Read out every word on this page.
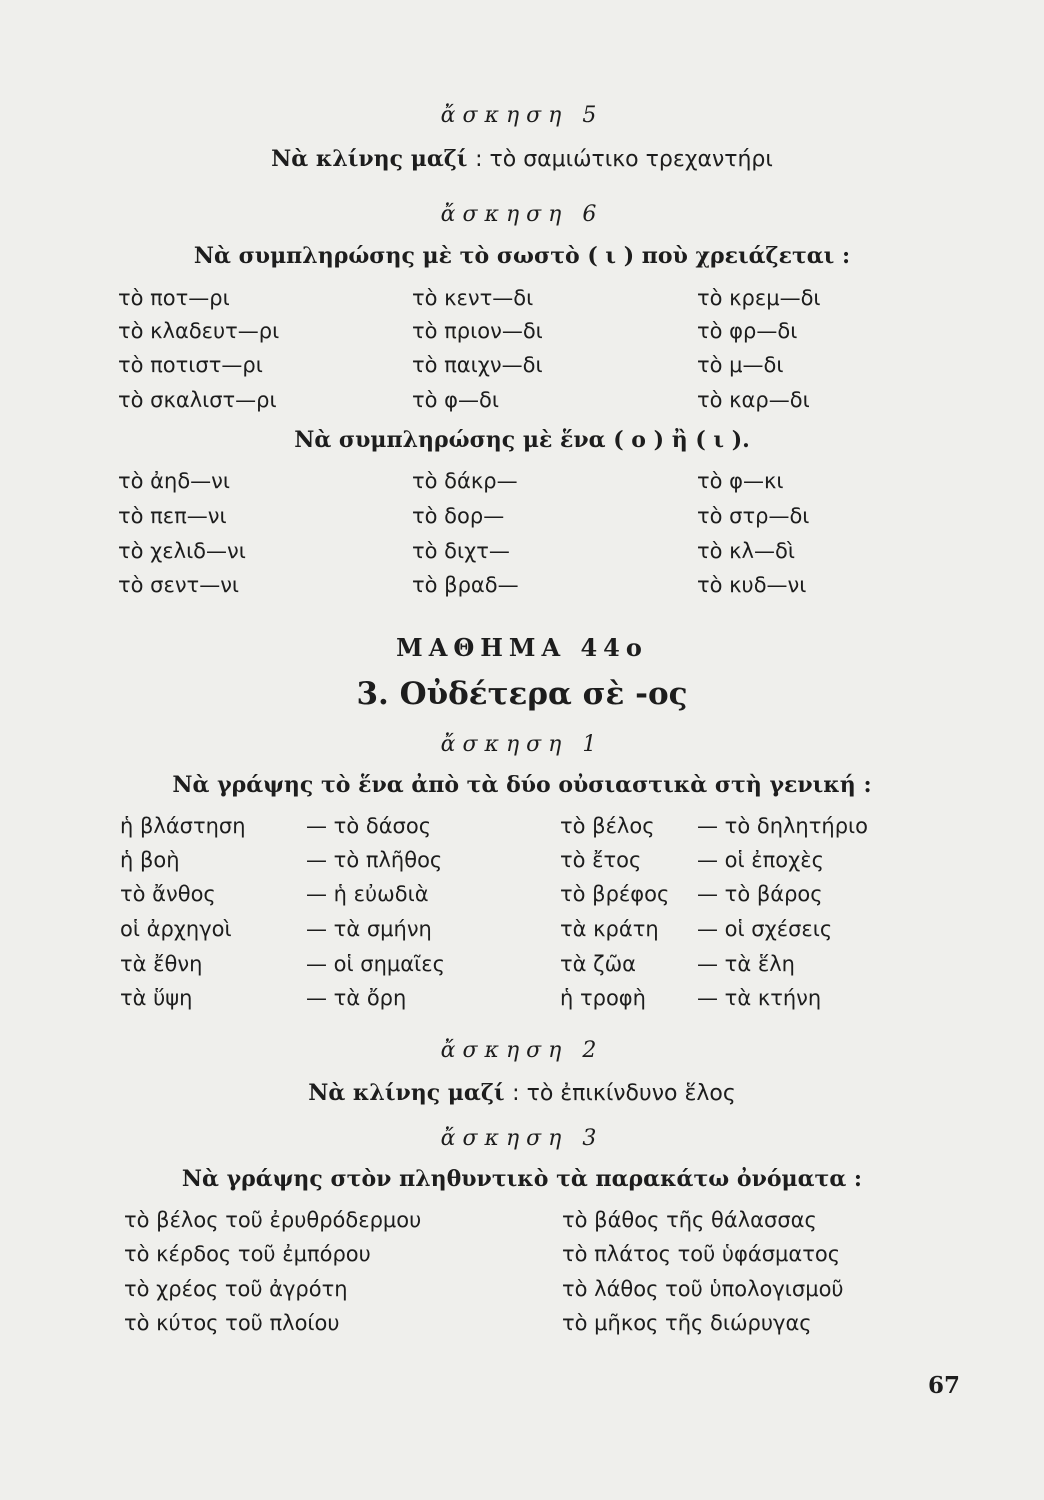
ἄσκηση 5
Νὰ κλίνης μαζί : τὸ σαμιώτικο τρεχαντήρι
ἄσκηση 6
Νὰ συμπληρώσης μὲ τὸ σωστὸ ( ι ) ποὺ χρειάζεται :
τὸ ποτ—ρι	τὸ κεντ—δι	τὸ κρεμ—δι
τὸ κλαδευτ—ρι	τὸ πριον—δι	τὸ φρ—δι
τὸ ποτιστ—ρι	τὸ παιχν—δι	τὸ μ—δι
τὸ σκαλιστ—ρι	τὸ φ—δι	τὸ καρ—δι
Νὰ συμπληρώσης μὲ ἕνα ( ο ) ἢ ( ι ).
τὸ ἀηδ—νι	τὸ δάκρ—	τὸ φ—κι
τὸ πεπ—νι	τὸ δορ—	τὸ στρ—δι
τὸ χελιδ—νι	τὸ διχτ—	τὸ κλ—δὶ
τὸ σεντ—νι	τὸ βραδ—	τὸ κυδ—νι
ΜΑΘΗΜΑ 44ο
3. Οὐδέτερα σὲ -ος
ἄσκηση 1
Νὰ γράψης τὸ ἕνα ἀπὸ τὰ δύο οὐσιαστικὰ στὴ γενική :
ἡ βλάστηση	— τὸ δάσος	τὸ βέλος — τὸ δηλητήριο
ἡ βοὴ	— τὸ πλῆθος	τὸ ἔτος	— οἱ ἐποχὲς
τὸ ἄνθος	— ἡ εὐωδιὰ	τὸ βρέφος — τὸ βάρος
οἱ ἀρχηγοὶ	— τὰ σμήνη	τὰ κράτη — οἱ σχέσεις
τὰ ἔθνη	— οἱ σημαῖες	τὰ ζῶα	— τὰ ἕλη
τὰ ὕψη	— τὰ ὄρη	ἡ τροφὴ — τὰ κτήνη
ἄσκηση 2
Νὰ κλίνης μαζί : τὸ ἐπικίνδυνο ἕλος
ἄσκηση 3
Νὰ γράψης στὸν πληθυντικὸ τὰ παρακάτω ὀνόματα :
τὸ βέλος τοῦ ἐρυθρόδερμου	τὸ βάθος τῆς θάλασσας
τὸ κέρδος τοῦ ἐμπόρου	τὸ πλάτος τοῦ ὑφάσματος
τὸ χρέος τοῦ ἀγρότη	τὸ λάθος τοῦ ὑπολογισμοῦ
τὸ κύτος τοῦ πλοίου	τὸ μῆκος τῆς διώρυγας
67
